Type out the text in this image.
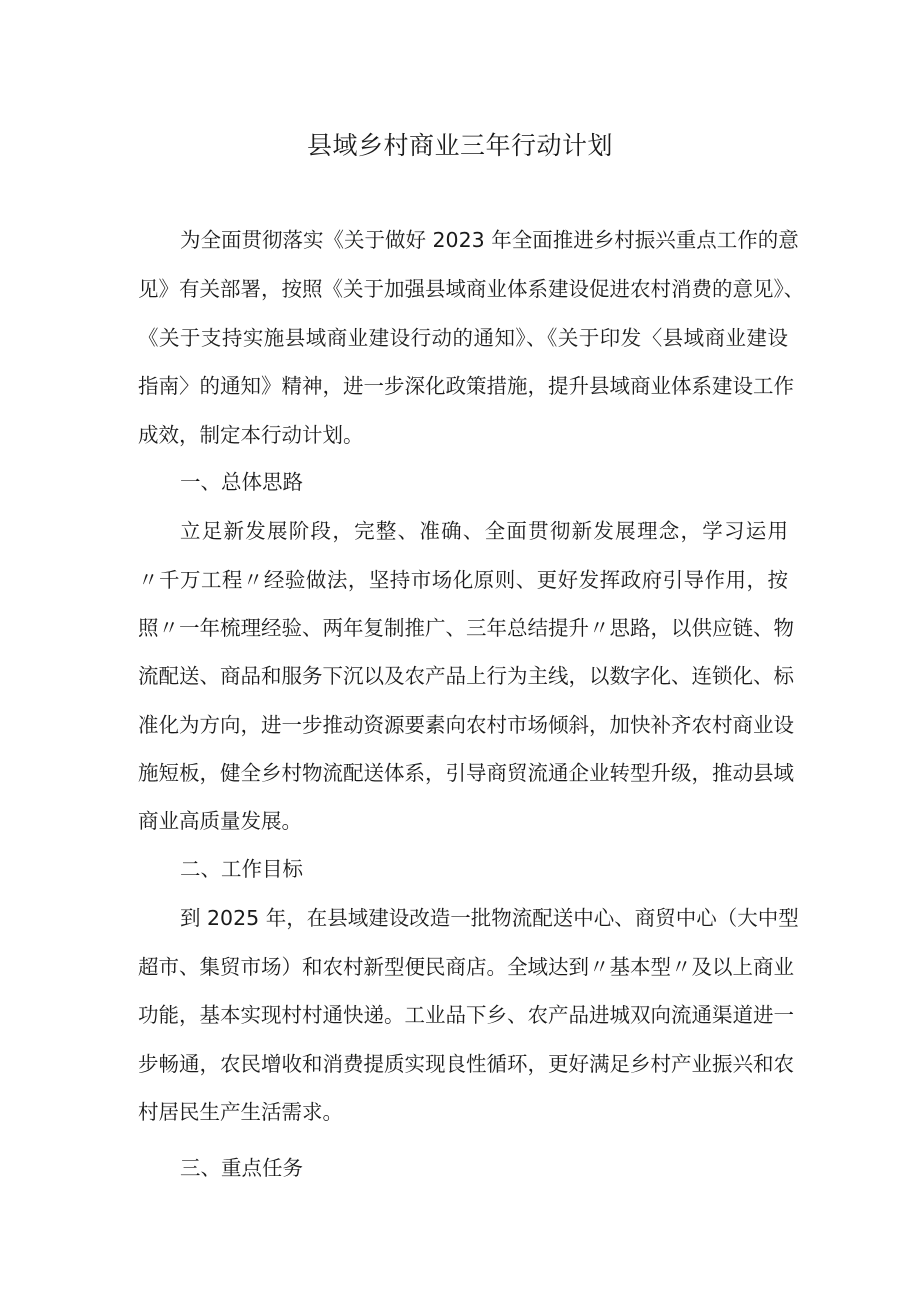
县域乡村商业三年行动计划
为全面贯彻落实《关于做好 2023 年全面推进乡村振兴重点工作的意
见》有关部署，按照《关于加强县域商业体系建设促进农村消费的意见》、
《关于支持实施县域商业建设行动的通知》、《关于印发〈县域商业建设
指南〉的通知》精神，进一步深化政策措施，提升县域商业体系建设工作
成效，制定本行动计划。
一、总体思路
立足新发展阶段，完整、准确、全面贯彻新发展理念，学习运用
〃千万工程〃经验做法，坚持市场化原则、更好发挥政府引导作用，按
照〃一年梳理经验、两年复制推广、三年总结提升〃思路，以供应链、物
流配送、商品和服务下沉以及农产品上行为主线，以数字化、连锁化、标
准化为方向，进一步推动资源要素向农村市场倾斜，加快补齐农村商业设
施短板，健全乡村物流配送体系，引导商贸流通企业转型升级，推动县域
商业高质量发展。
二、工作目标
到 2025 年，在县域建设改造一批物流配送中心、商贸中心（大中型
超市、集贸市场）和农村新型便民商店。全域达到〃基本型〃及以上商业
功能，基本实现村村通快递。工业品下乡、农产品进城双向流通渠道进一
步畅通，农民增收和消费提质实现良性循环，更好满足乡村产业振兴和农
村居民生产生活需求。
三、重点任务
